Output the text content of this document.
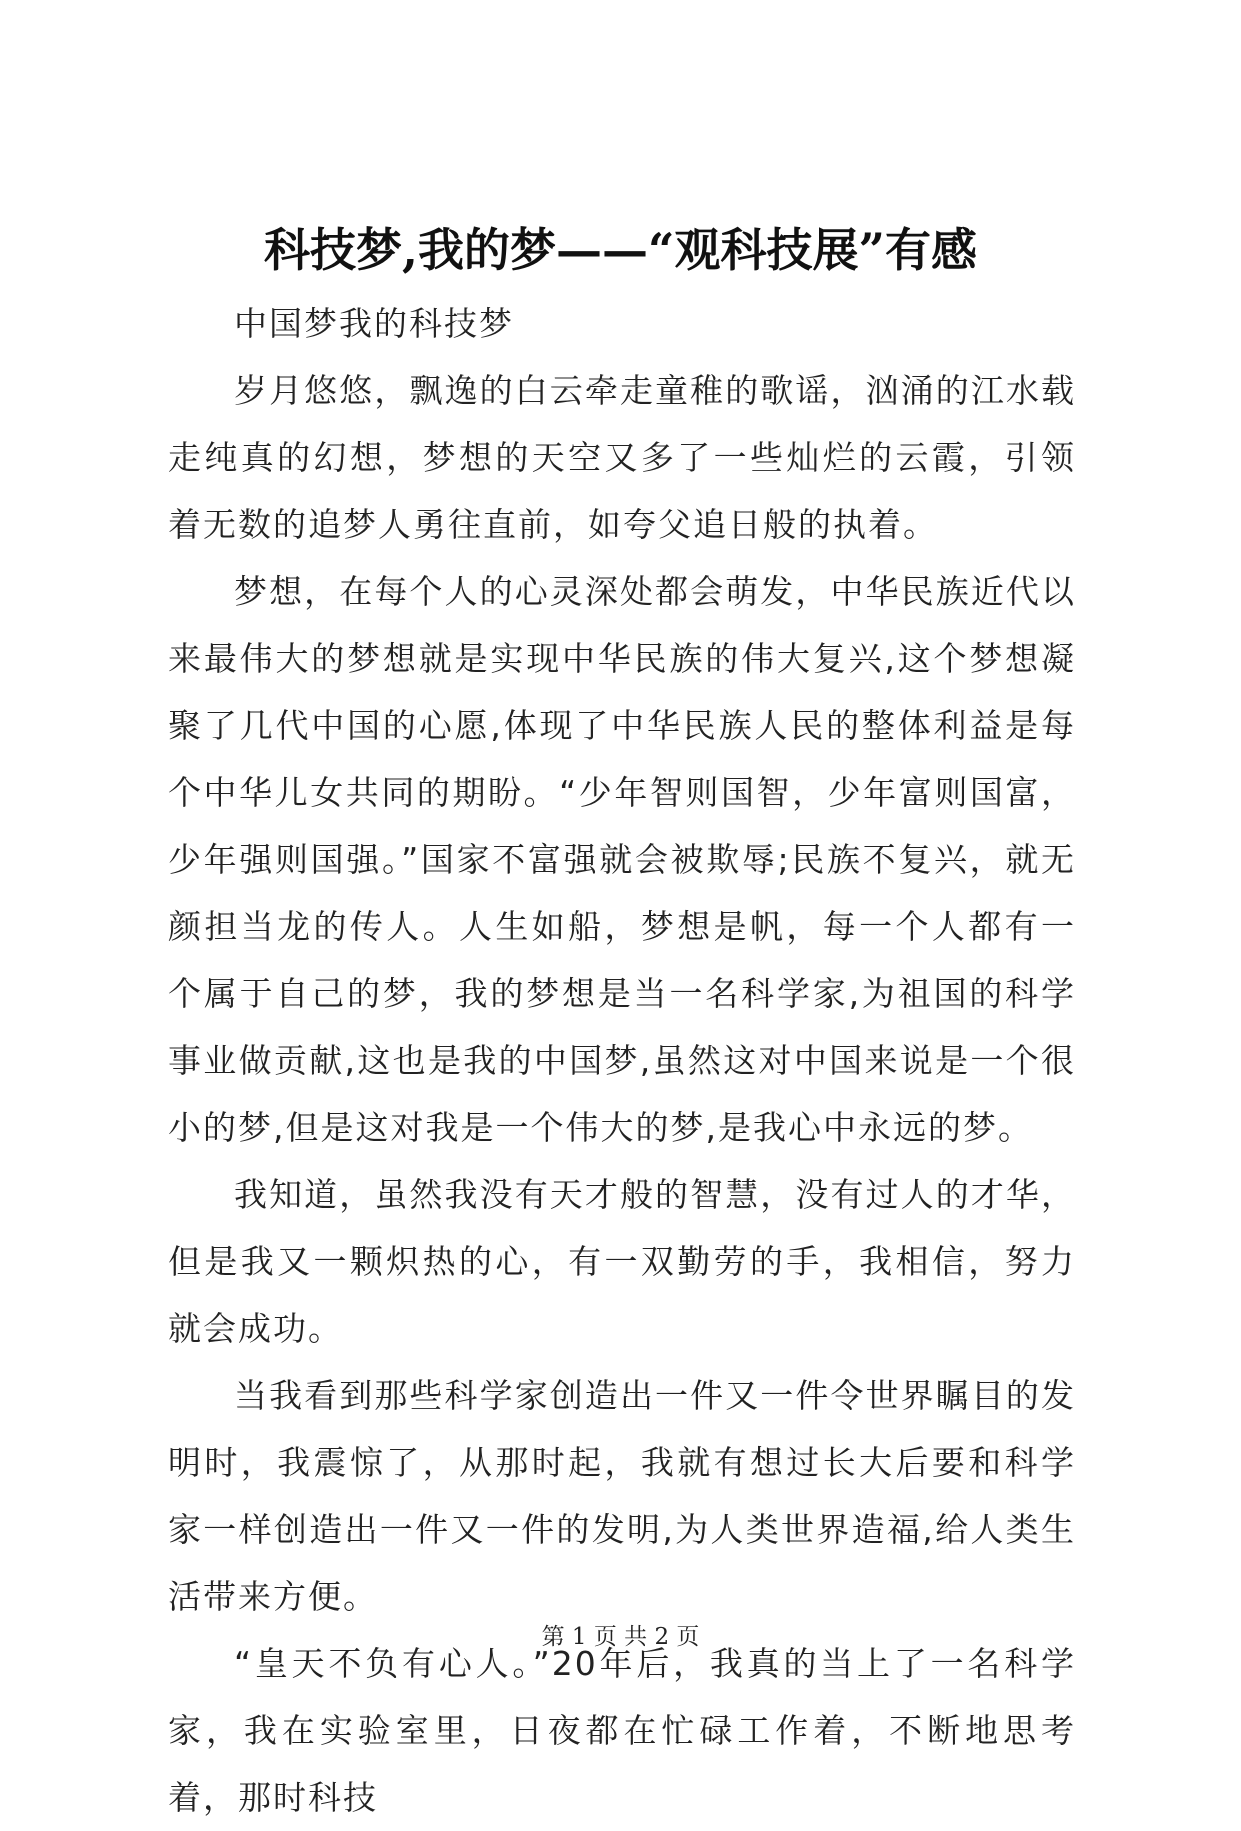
科技梦,我的梦——“观科技展”有感

中国梦我的科技梦

岁月悠悠，飘逸的白云牵走童稚的歌谣，汹涌的江水载走纯真的幻想，梦想的天空又多了一些灿烂的云霞，引领着无数的追梦人勇往直前，如夸父追日般的执着。

梦想，在每个人的心灵深处都会萌发，中华民族近代以来最伟大的梦想就是实现中华民族的伟大复兴,这个梦想凝聚了几代中国的心愿,体现了中华民族人民的整体利益是每个中华儿女共同的期盼。“少年智则国智，少年富则国富，少年强则国强。”国家不富强就会被欺辱;民族不复兴，就无颜担当龙的传人。人生如船，梦想是帆，每一个人都有一个属于自己的梦，我的梦想是当一名科学家,为祖国的科学事业做贡献,这也是我的中国梦,虽然这对中国来说是一个很小的梦,但是这对我是一个伟大的梦,是我心中永远的梦。

我知道，虽然我没有天才般的智慧，没有过人的才华，但是我又一颗炽热的心，有一双勤劳的手，我相信，努力就会成功。

当我看到那些科学家创造出一件又一件令世界瞩目的发明时，我震惊了，从那时起，我就有想过长大后要和科学家一样创造出一件又一件的发明,为人类世界造福,给人类生活带来方便。

“皇天不负有心人。”20年后，我真的当上了一名科学家，我在实验室里，日夜都在忙碌工作着，不断地思考着，那时科技

第 1 页 共 2 页
